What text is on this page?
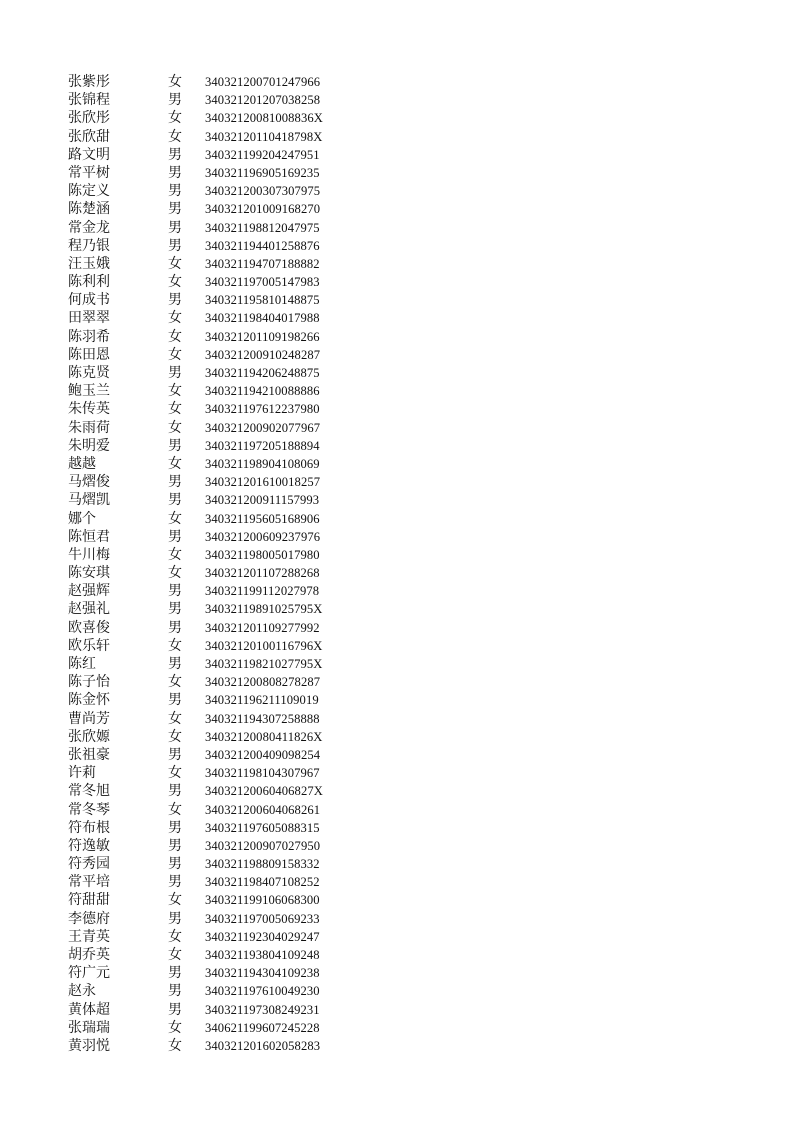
张紫彤	女 340321200701247966
张锦程	男 340321201207038258
张欣彤	女 34032120081008836X
张欣甜	女 34032120110418798X
路文明	男 340321199204247951
常平树	男 340321196905169235
陈定义	男 340321200307307975
陈楚涵	男 340321201009168270
常金龙	男 340321198812047975
程乃银	男 340321194401258876
汪玉娥	女 340321194707188882
陈利利	女 340321197005147983
何成书	男 340321195810148875
田翠翠	女 340321198404017988
陈羽希	女 340321201109198266
陈田恩	女 340321200910248287
陈克贤	男 340321194206248875
鲍玉兰	女 340321194210088886
朱传英	女 340321197612237980
朱雨荷	女 340321200902077967
朱明爱	男 340321197205188894
越越	女 340321198904108069
马熠俊	男 340321201610018257
马熠凯	男 340321200911157993
娜个	女 340321195605168906
陈恒君	男 340321200609237976
牛川梅	女 340321198005017980
陈安琪	女 340321201107288268
赵强辉	男 340321199112027978
赵强礼	男 34032119891025795X
欧喜俊	男 340321201109277992
欧乐轩	女 34032120100116796X
陈红	男 34032119821027795X
陈子怡	女 340321200808278287
陈金怀	男 340321196211109019
曹尚芳	女 340321194307258888
张欣嫄	女 34032120080411826X
张祖豪	男 340321200409098254
许莉	女 340321198104307967
常冬旭	男 34032120060406827X
常冬琴	女 340321200604068261
符布根	男 340321197605088315
符逸敏	男 340321200907027950
符秀园	男 340321198809158332
常平培	男 340321198407108252
符甜甜	女 340321199106068300
李德府	男 340321197005069233
王青英	女 340321192304029247
胡乔英	女 340321193804109248
符广元	男 340321194304109238
赵永	男 340321197610049230
黄体超	男 340321197308249231
张瑞瑞	女 340621199607245228
黄羽悦	女 340321201602058283
